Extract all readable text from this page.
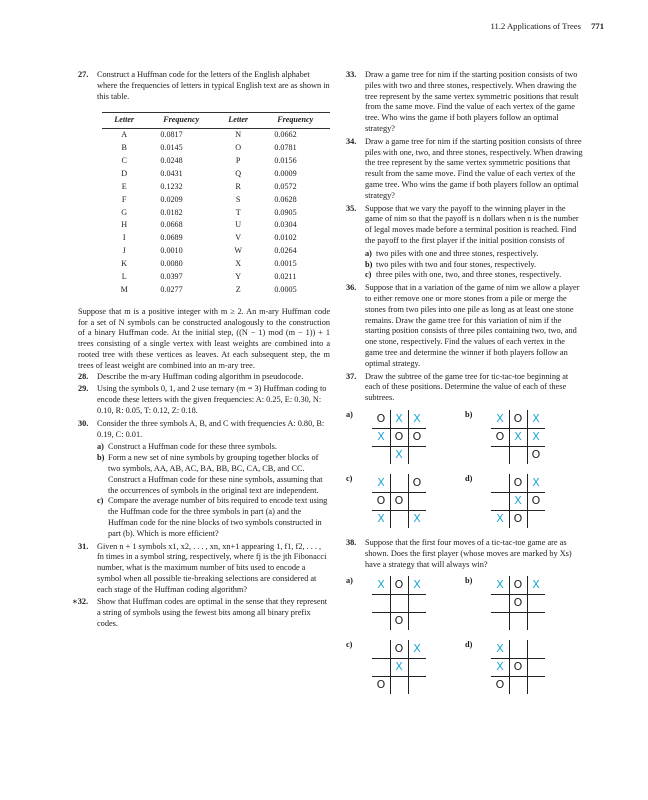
11.2 Applications of Trees 771
27. Construct a Huffman code for the letters of the English alphabet where the frequencies of letters in typical English text are as shown in this table.
Letter	Frequency	Letter	Frequency
A	0.0817	N	0.0662
B	0.0145	O	0.0781
C	0.0248	P	0.0156
D	0.0431	Q	0.0009
E	0.1232	R	0.0572
F	0.0209	S	0.0628
G	0.0182	T	0.0905
H	0.0668	U	0.0304
I	0.0689	V	0.0102
J	0.0010	W	0.0264
K	0.0080	X	0.0015
L	0.0397	Y	0.0211
M	0.0277	Z	0.0005
Suppose that m is a positive integer with m ≥ 2. An m-ary Huffman code for a set of N symbols can be constructed analogously to the construction of a binary Huffman code. At the initial step, ((N − 1) mod (m − 1)) + 1 trees consisting of a single vertex with least weights are combined into a rooted tree with these vertices as leaves. At each subsequent step, the m trees of least weight are combined into an m-ary tree.
28. Describe the m-ary Huffman coding algorithm in pseudocode.
29. Using the symbols 0, 1, and 2 use ternary (m = 3) Huffman coding to encode these letters with the given frequencies: A: 0.25, E: 0.30, N: 0.10, R: 0.05, T: 0.12, Z: 0.18.
30. Consider the three symbols A, B, and C with frequencies A: 0.80, B: 0.19, C: 0.01.
a) Construct a Huffman code for these three symbols.
b) Form a new set of nine symbols by grouping together blocks of two symbols, AA, AB, AC, BA, BB, BC, CA, CB, and CC. Construct a Huffman code for these nine symbols, assuming that the occurrences of symbols in the original text are independent.
c) Compare the average number of bits required to encode text using the Huffman code for the three symbols in part (a) and the Huffman code for the nine blocks of two symbols constructed in part (b). Which is more efficient?
31. Given n + 1 symbols x1, x2, . . . , xn, xn+1 appearing 1, f1, f2, . . . , fn times in a symbol string, respectively, where fj is the jth Fibonacci number, what is the maximum number of bits used to encode a symbol when all possible tie-breaking selections are considered at each stage of the Huffman coding algorithm?
∗32. Show that Huffman codes are optimal in the sense that they represent a string of symbols using the fewest bits among all binary prefix codes.
33. Draw a game tree for nim if the starting position consists of two piles with two and three stones, respectively. When drawing the tree represent by the same vertex symmetric positions that result from the same move. Find the value of each vertex of the game tree. Who wins the game if both players follow an optimal strategy?
34. Draw a game tree for nim if the starting position consists of three piles with one, two, and three stones, respectively. When drawing the tree represent by the same vertex symmetric positions that result from the same move. Find the value of each vertex of the game tree. Who wins the game if both players follow an optimal strategy?
35. Suppose that we vary the payoff to the winning player in the game of nim so that the payoff is n dollars when n is the number of legal moves made before a terminal position is reached. Find the payoff to the first player if the initial position consists of
a) two piles with one and three stones, respectively.
b) two piles with two and four stones, respectively.
c) three piles with one, two, and three stones, respectively.
36. Suppose that in a variation of the game of nim we allow a player to either remove one or more stones from a pile or merge the stones from two piles into one pile as long as at least one stone remains. Draw the game tree for this variation of nim if the starting position consists of three piles containing two, two, and one stone, respectively. Find the values of each vertex in the game tree and determine the winner if both players follow an optimal strategy.
37. Draw the subtree of the game tree for tic-tac-toe beginning at each of these positions. Determine the value of each of these subtrees.
a)	O X X
X O O
X
b)	X O X
O X X
O
c)	X	O
O O
X	X
d)	O X
X O
X O
38. Suppose that the first four moves of a tic-tac-toe game are as shown. Does the first player (whose moves are marked by Xs) have a strategy that will always win?
a)	X O X
O
b)	X O X
O
c)	O X
X
O
d)	X
X O
O
